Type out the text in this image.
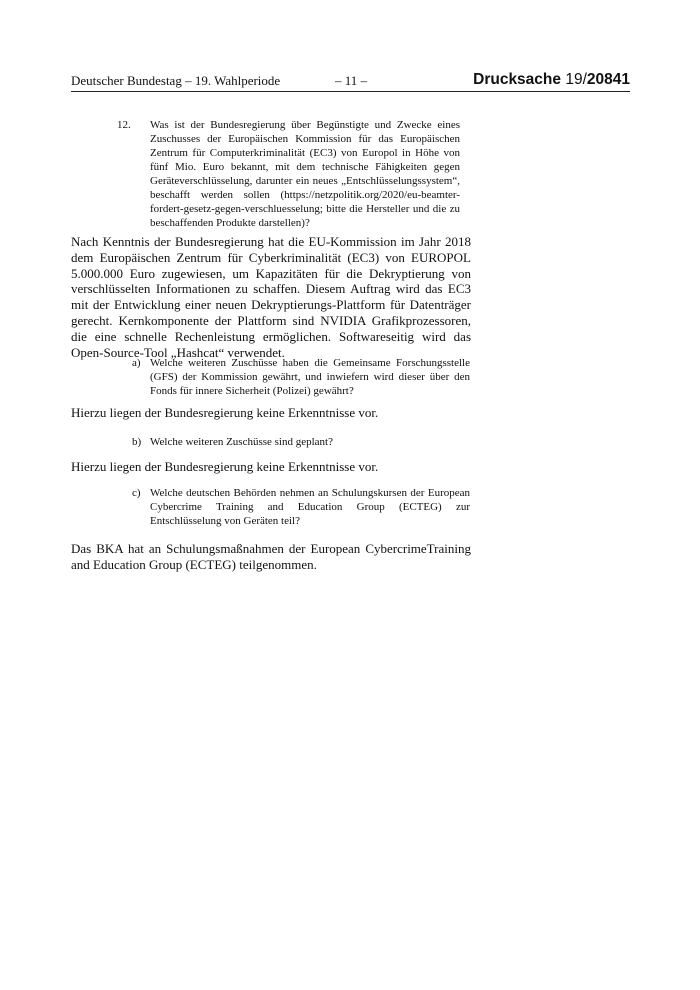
Deutscher Bundestag – 19. Wahlperiode	– 11 –	Drucksache 19/20841
12. Was ist der Bundesregierung über Begünstigte und Zwecke eines Zuschusses der Europäischen Kommission für das Europäischen Zentrum für Computerkriminalität (EC3) von Europol in Höhe von fünf Mio. Euro bekannt, mit dem technische Fähigkeiten gegen Geräteverschlüsselung, darunter ein neues „Entschlüsselungssystem“, beschafft werden sollen (https://netzpolitik.org/2020/eu-beamter-fordert-gesetz-gegen-verschluesselung; bitte die Hersteller und die zu beschaffenden Produkte darstellen)?
Nach Kenntnis der Bundesregierung hat die EU-Kommission im Jahr 2018 dem Europäischen Zentrum für Cyberkriminalität (EC3) von EUROPOL 5.000.000 Euro zugewiesen, um Kapazitäten für die Dekryptierung von verschlüsselten Informationen zu schaffen. Diesem Auftrag wird das EC3 mit der Entwicklung einer neuen Dekryptierungs-Plattform für Datenträger gerecht. Kernkomponente der Plattform sind NVIDIA Grafikprozessoren, die eine schnelle Rechenleistung ermöglichen. Softwareseitig wird das Open-Source-Tool „Hashcat“ verwendet.
a) Welche weiteren Zuschüsse haben die Gemeinsame Forschungsstelle (GFS) der Kommission gewährt, und inwiefern wird dieser über den Fonds für innere Sicherheit (Polizei) gewährt?
Hierzu liegen der Bundesregierung keine Erkenntnisse vor.
b) Welche weiteren Zuschüsse sind geplant?
Hierzu liegen der Bundesregierung keine Erkenntnisse vor.
c) Welche deutschen Behörden nehmen an Schulungskursen der European Cybercrime Training and Education Group (ECTEG) zur Entschlüsselung von Geräten teil?
Das BKA hat an Schulungsmaßnahmen der European CybercrimeTraining and Education Group (ECTEG) teilgenommen.
